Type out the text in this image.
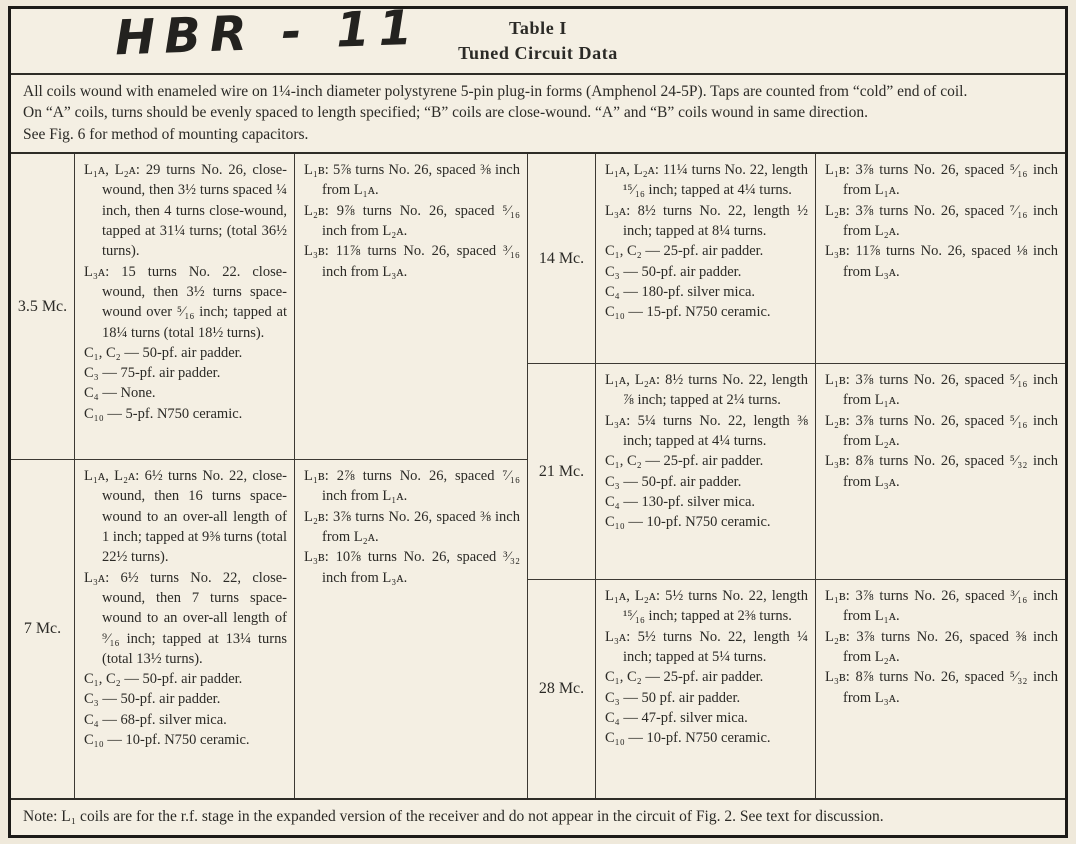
HBR - 11	Table I
Tuned Circuit Data

All coils wound with enameled wire on 1¼-inch diameter polystyrene 5-pin plug-in forms (Amphenol 24-5P). Taps are counted from “cold” end of coil.

On “A” coils, turns should be evenly spaced to length specified; “B” coils are close-wound. “A” and “B” coils wound in same direction.

See Fig. 6 for method of mounting capacitors.

3.5 Mc.

L₁ᴀ, L₂ᴀ: 29 turns No. 26, close-wound, then 3½ turns spaced ¼ inch, then 4 turns close-wound, tapped at 31¼ turns; (total 36½ turns).

L₃ᴀ: 15 turns No. 22. close-wound, then 3½ turns space-wound over ⁵⁄₁₆ inch; tapped at 18¼ turns (total 18½ turns).

C₁, C₂ — 50-pf. air padder.

C₃ — 75-pf. air padder.

C₄ — None.

C₁₀ — 5-pf. N750 ceramic.

L₁ʙ: 5⅞ turns No. 26, spaced ⅜ inch from L₁ᴀ.

L₂ʙ: 9⅞ turns No. 26, spaced ⁵⁄₁₆ inch from L₂ᴀ.

L₃ʙ: 11⅞ turns No. 26, spaced ³⁄₁₆ inch from L₃ᴀ.

7 Mc.

L₁ᴀ, L₂ᴀ: 6½ turns No. 22, close-wound, then 16 turns space-wound to an over-all length of 1 inch; tapped at 9⅜ turns (total 22½ turns).

L₃ᴀ: 6½ turns No. 22, close-wound, then 7 turns space-wound to an over-all length of ⁹⁄₁₆ inch; tapped at 13¼ turns (total 13½ turns).

C₁, C₂ — 50-pf. air padder.

C₃ — 50-pf. air padder.

C₄ — 68-pf. silver mica.

C₁₀ — 10-pf. N750 ceramic.

L₁ʙ: 2⅞ turns No. 26, spaced ⁷⁄₁₆ inch from L₁ᴀ.

L₂ʙ: 3⅞ turns No. 26, spaced ⅜ inch from L₂ᴀ.

L₃ʙ: 10⅞ turns No. 26, spaced ³⁄₃₂ inch from L₃ᴀ.

14 Mc.

L₁ᴀ, L₂ᴀ: 11¼ turns No. 22, length ¹⁵⁄₁₆ inch; tapped at 4¼ turns.

L₃ᴀ: 8½ turns No. 22, length ½ inch; tapped at 8¼ turns.

C₁, C₂ — 25-pf. air padder.

C₃ — 50-pf. air padder.

C₄ — 180-pf. silver mica.

C₁₀ — 15-pf. N750 ceramic.

L₁ʙ: 3⅞ turns No. 26, spaced ⁵⁄₁₆ inch from L₁ᴀ.

L₂ʙ: 3⅞ turns No. 26, spaced ⁷⁄₁₆ inch from L₂ᴀ.

L₃ʙ: 11⅞ turns No. 26, spaced ⅛ inch from L₃ᴀ.

21 Mc.

L₁ᴀ, L₂ᴀ: 8½ turns No. 22, length ⅞ inch; tapped at 2¼ turns.

L₃ᴀ: 5¼ turns No. 22, length ⅜ inch; tapped at 4¼ turns.

C₁, C₂ — 25-pf. air padder.

C₃ — 50-pf. air padder.

C₄ — 130-pf. silver mica.

C₁₀ — 10-pf. N750 ceramic.

L₁ʙ: 3⅞ turns No. 26, spaced ⁵⁄₁₆ inch from L₁ᴀ.

L₂ʙ: 3⅞ turns No. 26, spaced ⁵⁄₁₆ inch from L₂ᴀ.

L₃ʙ: 8⅞ turns No. 26, spaced ⁵⁄₃₂ inch from L₃ᴀ.

28 Mc.

L₁ᴀ, L₂ᴀ: 5½ turns No. 22, length ¹⁵⁄₁₆ inch; tapped at 2⅜ turns.

L₃ᴀ: 5½ turns No. 22, length ¼ inch; tapped at 5¼ turns.

C₁, C₂ — 25-pf. air padder.

C₃ — 50 pf. air padder.

C₄ — 47-pf. silver mica.

C₁₀ — 10-pf. N750 ceramic.

L₁ʙ: 3⅞ turns No. 26, spaced ³⁄₁₆ inch from L₁ᴀ.

L₂ʙ: 3⅞ turns No. 26, spaced ⅜ inch from L₂ᴀ.

L₃ʙ: 8⅞ turns No. 26, spaced ⁵⁄₃₂ inch from L₃ᴀ.

Note: L₁ coils are for the r.f. stage in the expanded version of the receiver and do not appear in the circuit of Fig. 2. See text for discussion.
